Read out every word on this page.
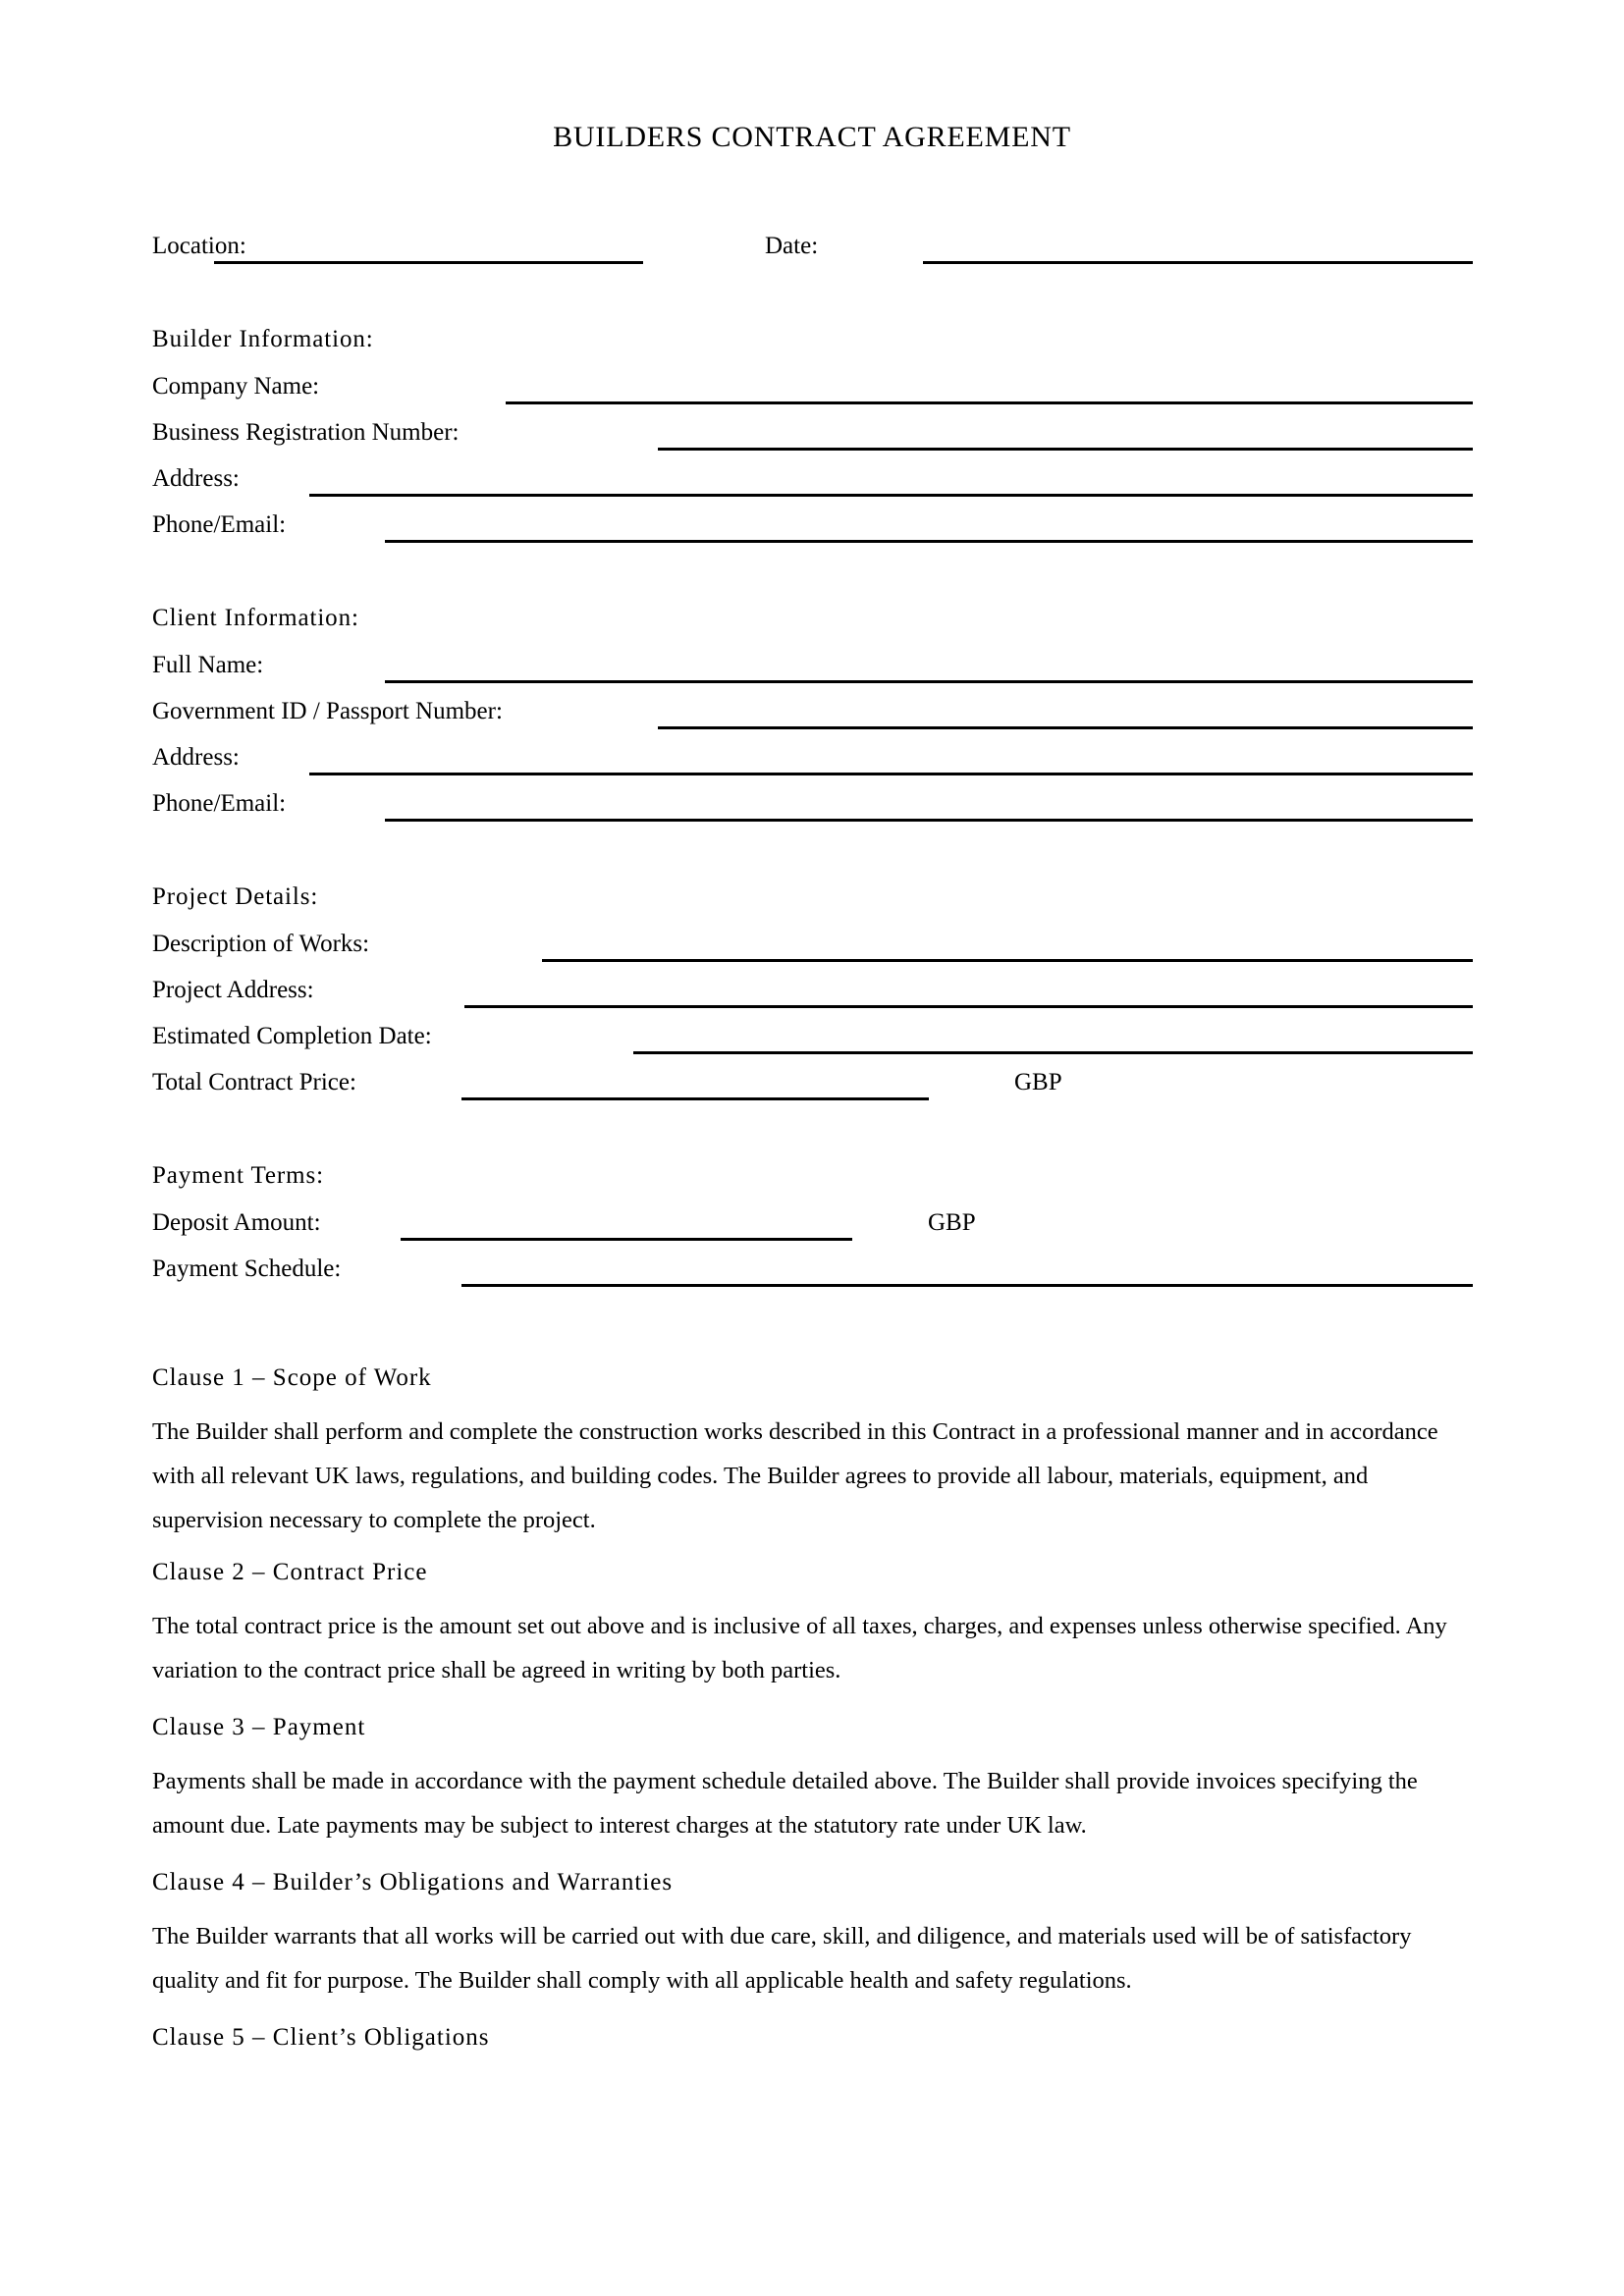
BUILDERS CONTRACT AGREEMENT
Location:	Date:
Builder Information:
Company Name:
Business Registration Number:
Address:
Phone/Email:
Client Information:
Full Name:
Government ID / Passport Number:
Address:
Phone/Email:
Project Details:
Description of Works:
Project Address:
Estimated Completion Date:
Total Contract Price:	GBP
Payment Terms:
Deposit Amount:	GBP
Payment Schedule:
Clause 1 – Scope of Work
The Builder shall perform and complete the construction works described in this Contract in a professional manner and in accordance with all relevant UK laws, regulations, and building codes. The Builder agrees to provide all labour, materials, equipment, and supervision necessary to complete the project.
Clause 2 – Contract Price
The total contract price is the amount set out above and is inclusive of all taxes, charges, and expenses unless otherwise specified. Any variation to the contract price shall be agreed in writing by both parties.
Clause 3 – Payment
Payments shall be made in accordance with the payment schedule detailed above. The Builder shall provide invoices specifying the amount due. Late payments may be subject to interest charges at the statutory rate under UK law.
Clause 4 – Builder’s Obligations and Warranties
The Builder warrants that all works will be carried out with due care, skill, and diligence, and materials used will be of satisfactory quality and fit for purpose. The Builder shall comply with all applicable health and safety regulations.
Clause 5 – Client’s Obligations
